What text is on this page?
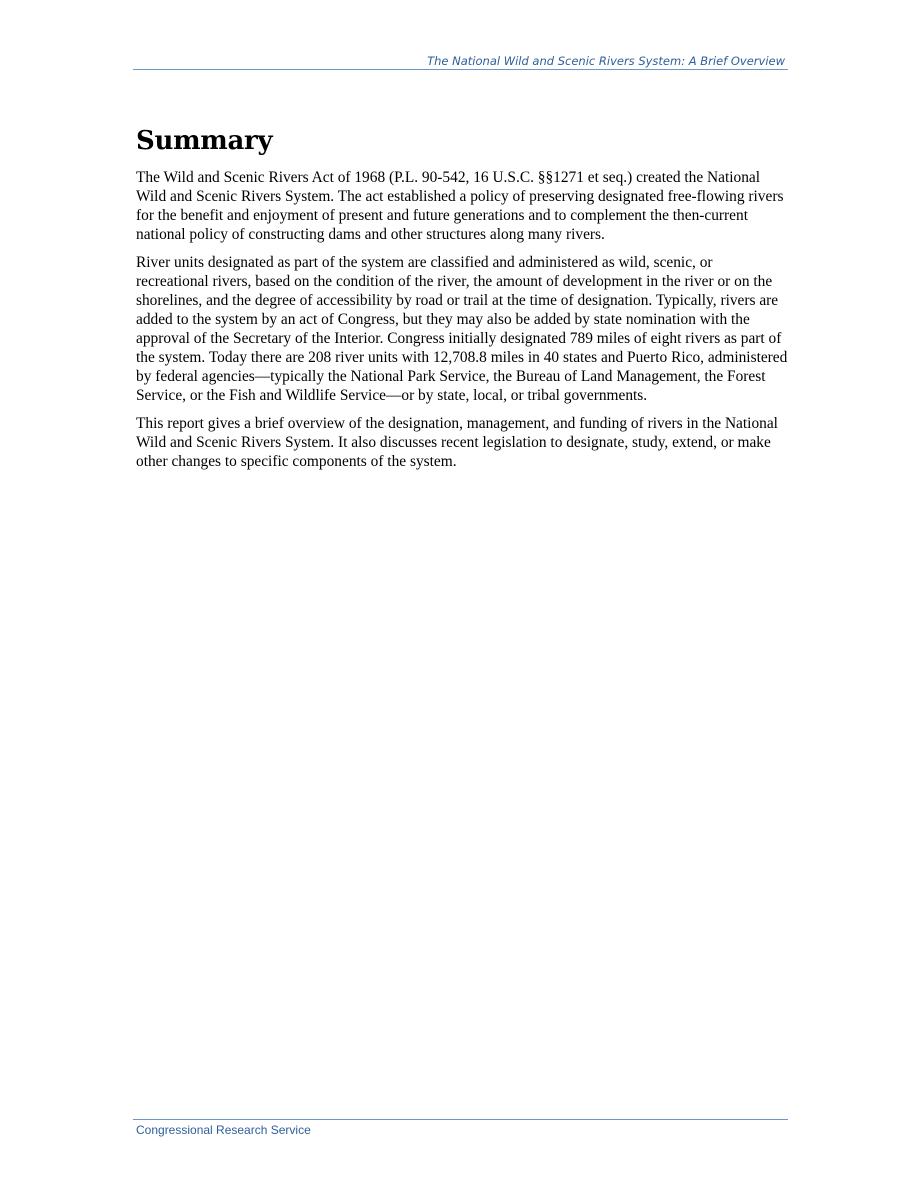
The National Wild and Scenic Rivers System: A Brief Overview
Summary

The Wild and Scenic Rivers Act of 1968 (P.L. 90-542, 16 U.S.C. §§1271 et seq.) created the National Wild and Scenic Rivers System. The act established a policy of preserving designated free-flowing rivers for the benefit and enjoyment of present and future generations and to complement the then-current national policy of constructing dams and other structures along many rivers.

River units designated as part of the system are classified and administered as wild, scenic, or recreational rivers, based on the condition of the river, the amount of development in the river or on the shorelines, and the degree of accessibility by road or trail at the time of designation. Typically, rivers are added to the system by an act of Congress, but they may also be added by state nomination with the approval of the Secretary of the Interior. Congress initially designated 789 miles of eight rivers as part of the system. Today there are 208 river units with 12,708.8 miles in 40 states and Puerto Rico, administered by federal agencies—typically the National Park Service, the Bureau of Land Management, the Forest Service, or the Fish and Wildlife Service—or by state, local, or tribal governments.

This report gives a brief overview of the designation, management, and funding of rivers in the National Wild and Scenic Rivers System. It also discusses recent legislation to designate, study, extend, or make other changes to specific components of the system.

Congressional Research Service
